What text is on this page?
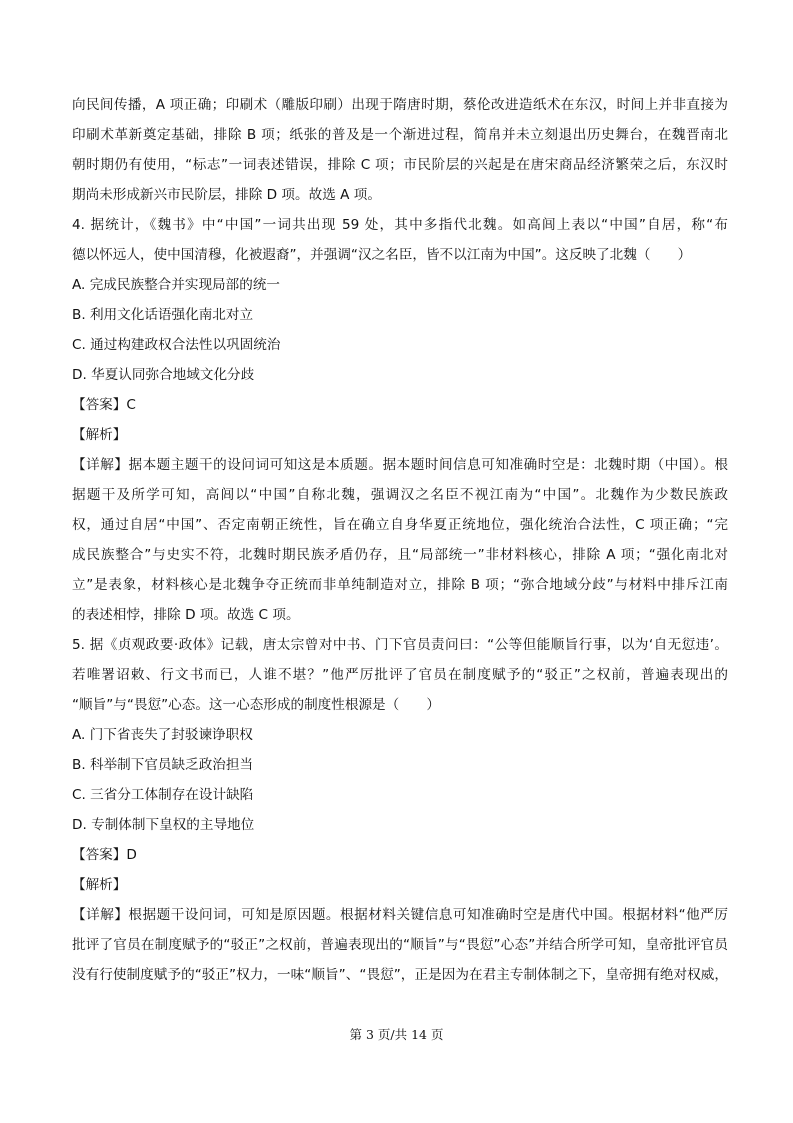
向民间传播，A 项正确；印刷术（雕版印刷）出现于隋唐时期，蔡伦改进造纸术在东汉，时间上并非直接为
印刷术革新奠定基础，排除 B 项；纸张的普及是一个渐进过程，简帛并未立刻退出历史舞台，在魏晋南北
朝时期仍有使用，“标志”一词表述错误，排除 C 项；市民阶层的兴起是在唐宋商品经济繁荣之后，东汉时
期尚未形成新兴市民阶层，排除 D 项。故选 A 项。
4. 据统计，《魏书》中“中国”一词共出现 59 处，其中多指代北魏。如高闾上表以“中国”自居，称“布
德以怀远人，使中国清穆，化被遐裔”，并强调“汉之名臣，皆不以江南为中国”。这反映了北魏（　　）
A. 完成民族整合并实现局部的统一
B. 利用文化话语强化南北对立
C. 通过构建政权合法性以巩固统治
D. 华夏认同弥合地域文化分歧
【答案】C
【解析】
【详解】据本题主题干的设问词可知这是本质题。据本题时间信息可知准确时空是：北魏时期（中国）。根
据题干及所学可知，高闾以“中国”自称北魏，强调汉之名臣不视江南为“中国”。北魏作为少数民族政
权，通过自居“中国”、否定南朝正统性，旨在确立自身华夏正统地位，强化统治合法性，C 项正确；“完
成民族整合”与史实不符，北魏时期民族矛盾仍存，且“局部统一”非材料核心，排除 A 项；“强化南北对
立”是表象，材料核心是北魏争夺正统而非单纯制造对立，排除 B 项；“弥合地域分歧”与材料中排斥江南
的表述相悖，排除 D 项。故选 C 项。
5. 据《贞观政要·政体》记载，唐太宗曾对中书、门下官员责问曰：“公等但能顺旨行事，以为‘自无愆违’。
若唯署诏敕、行文书而已，人谁不堪？”他严厉批评了官员在制度赋予的“驳正”之权前，普遍表现出的
“顺旨”与“畏愆”心态。这一心态形成的制度性根源是（　　）
A. 门下省丧失了封驳谏诤职权
B. 科举制下官员缺乏政治担当
C. 三省分工体制存在设计缺陷
D. 专制体制下皇权的主导地位
【答案】D
【解析】
【详解】根据题干设问词，可知是原因题。根据材料关键信息可知准确时空是唐代中国。根据材料“他严厉
批评了官员在制度赋予的“驳正”之权前，普遍表现出的“顺旨”与“畏愆”心态”并结合所学可知，皇帝批评官员
没有行使制度赋予的“驳正”权力，一味“顺旨”、“畏愆”，正是因为在君主专制体制之下，皇帝拥有绝对权威，
第 3 页/共 14 页
